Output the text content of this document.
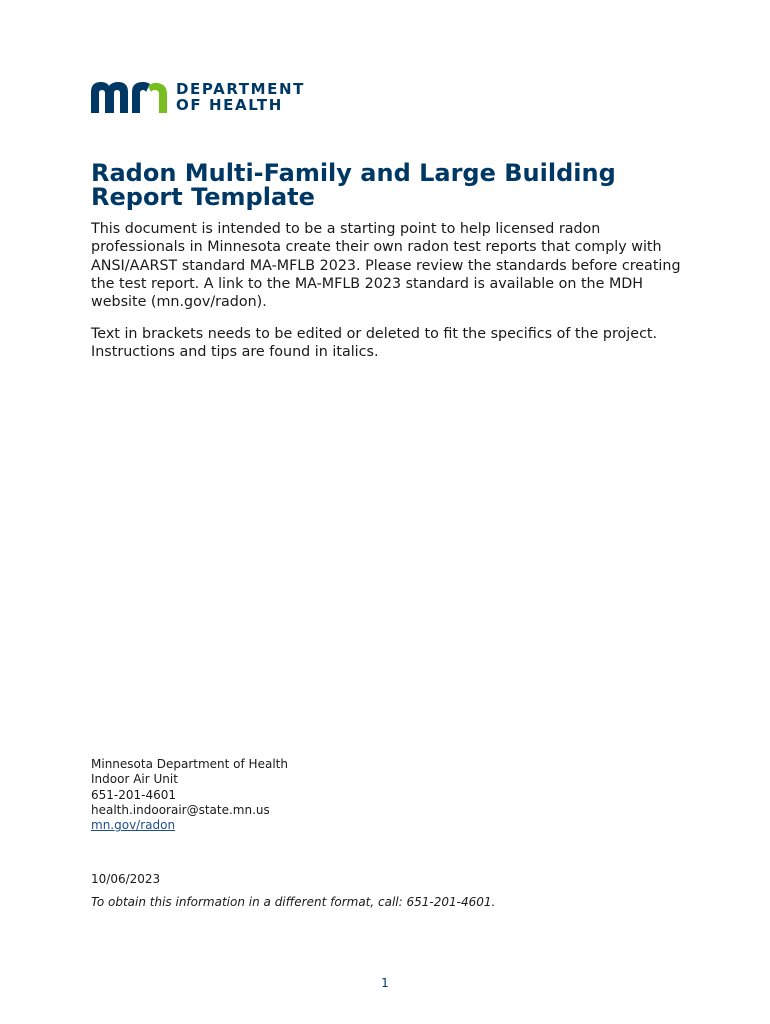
DEPARTMENT
OF HEALTH
Radon Multi-Family and Large Building Report Template

This document is intended to be a starting point to help licensed radon professionals in Minnesota create their own radon test reports that comply with ANSI/AARST standard MA-MFLB 2023. Please review the standards before creating the test report. A link to the MA-MFLB 2023 standard is available on the MDH website (mn.gov/radon).

Text in brackets needs to be edited or deleted to fit the specifics of the project. Instructions and tips are found in italics.

Minnesota Department of Health
Indoor Air Unit
651-201-4601
health.indoorair@state.mn.us
mn.gov/radon
10/06/2023
To obtain this information in a different format, call: 651-201-4601.
1
